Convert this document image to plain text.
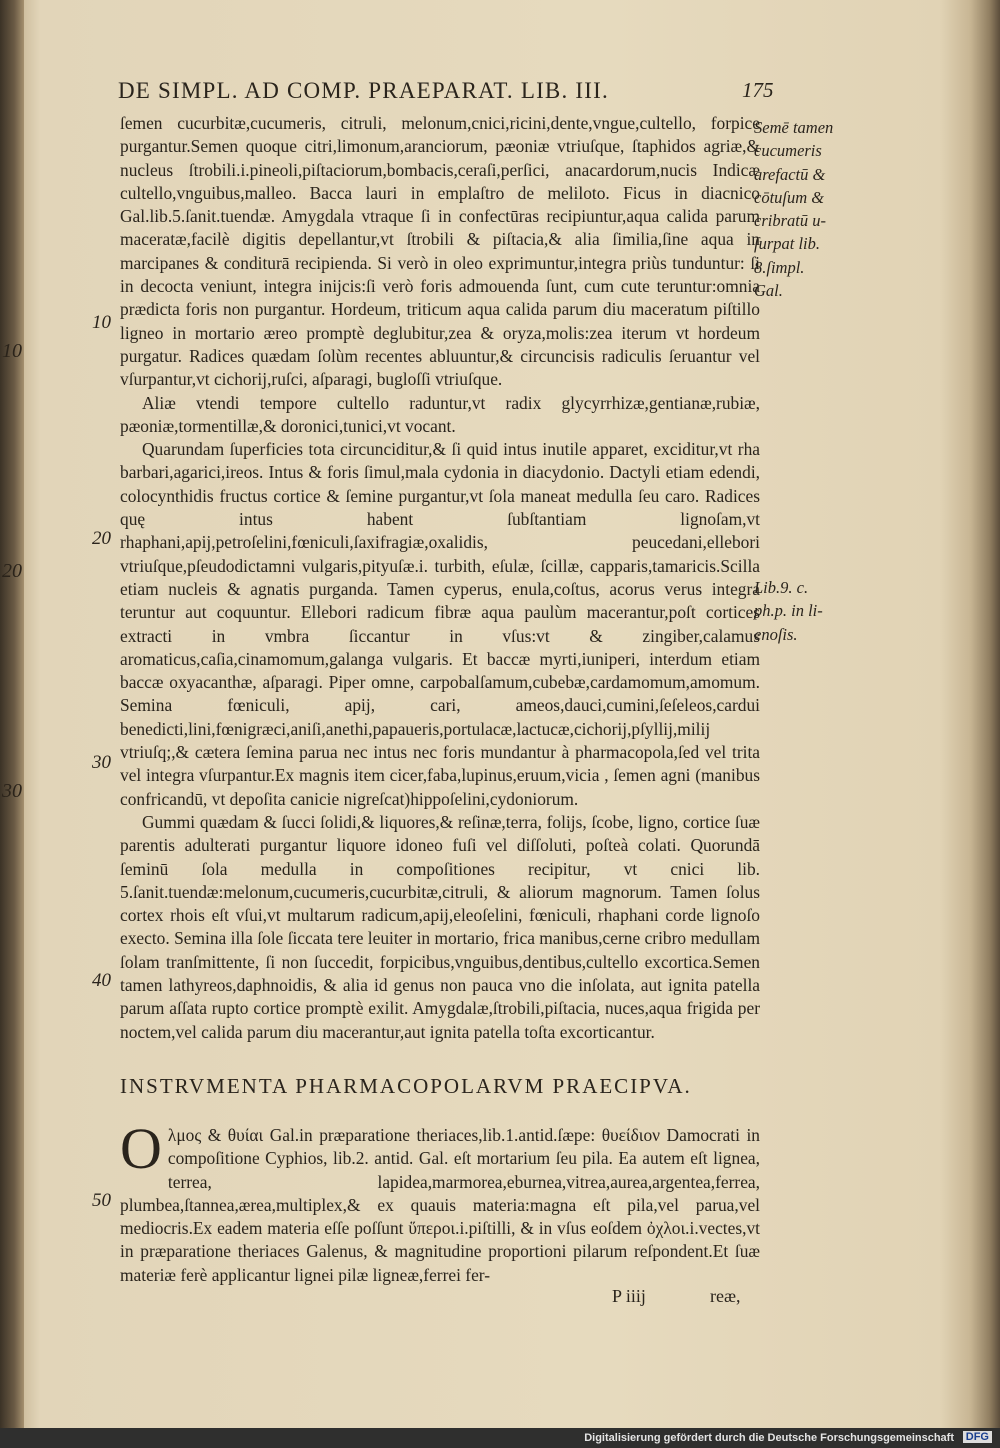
10
20
30
DE SIMPL. AD COMP. PRAEPARAT. LIB. III.	175

ſemen cucurbitæ,cucumeris, citruli, melonum,cnici,ricini,dente,vngue,cultello, forpice purgantur.Semen quoque citri,limonum,aranciorum, pæoniæ vtriuſque, ſtaphidos agriæ,& nucleus ſtrobili.i.pineoli,piſtaciorum,bombacis,ceraſi,perſici, anacardorum,nucis Indicæ cultello,vnguibus,malleo. Bacca lauri in emplaſtro de meliloto. Ficus in diacnico Gal.lib.5.ſanit.tuendæ. Amygdala vtraque ſi in confectūras recipiuntur,aqua calida parum maceratæ,facilè digitis depellantur,vt ſtrobili & piſtacia,& alia ſimilia,ſine aqua in marcipanes & conditurā recipienda. Si verò in oleo exprimuntur,integra priùs tunduntur: ſi in decocta veniunt, integra inijcis:ſi verò foris admouenda ſunt, cum cute teruntur:omnia prædicta foris non purgantur. Hordeum, triticum aqua calida parum diu maceratum piſtillo ligneo in mortario æreo promptè deglubitur,zea & oryza,molis:zea iterum vt hordeum purgatur. Radices quædam ſolùm recentes abluuntur,& circuncisis radiculis ſeruantur vel vſurpantur,vt cichorij,ruſci, aſparagi, bugloſſi vtriuſque.

Aliæ vtendi tempore cultello raduntur,vt radix glycyrrhizæ,gentianæ,rubiæ, pæoniæ,tormentillæ,& doronici,tunici,vt vocant.

Quarundam ſuperficies tota circunciditur,& ſi quid intus inutile apparet, exciditur,vt rha barbari,agarici,ireos. Intus & foris ſimul,mala cydonia in diacydonio. Dactyli etiam edendi, colocynthidis fructus cortice & ſemine purgantur,vt ſola maneat medulla ſeu caro. Radices quę intus habent ſubſtantiam lignoſam,vt rhaphani,apij,petroſelini,fœniculi,ſaxifragiæ,oxalidis, peucedani,ellebori vtriuſque,pſeudodictamni vulgaris,pityuſæ.i. turbith, eſulæ, ſcillæ, capparis,tamaricis.Scilla etiam nucleis & agnatis purganda. Tamen cyperus, enula,coſtus, acorus verus integra teruntur aut coquuntur. Ellebori radicum fibræ aqua paulùm macerantur,poſt cortices extracti in vmbra ſiccantur in vſus:vt & zingiber,calamus aromaticus,caſia,cinamomum,galanga vulgaris. Et baccæ myrti,iuniperi, interdum etiam baccæ oxyacanthæ, aſparagi. Piper omne, carpobalſamum,cubebæ,cardamomum,amomum. Semina fœniculi, apij, cari, ameos,dauci,cumini,ſeſeleos,cardui benedicti,lini,fœnigræci,aniſi,anethi,papaueris,portulacæ,lactucæ,cichorij,pſyllij,milij vtriuſq;,& cætera ſemina parua nec intus nec foris mundantur à pharmacopola,ſed vel trita vel integra vſurpantur.Ex magnis item cicer,faba,lupinus,eruum,vicia , ſemen agni (manibus confricandū, vt depoſita canicie nigreſcat)hippoſelini,cydoniorum.

Gummi quædam & ſucci ſolidi,& liquores,& reſinæ,terra, folijs, ſcobe, ligno, cortice ſuæ parentis adulterati purgantur liquore idoneo fuſi vel diſſoluti, poſteà colati. Quorundā ſeminū ſola medulla in compoſitiones recipitur, vt cnici lib. 5.ſanit.tuendæ:melonum,cucumeris,cucurbitæ,citruli, & aliorum magnorum. Tamen ſolus cortex rhois eſt vſui,vt multarum radicum,apij,eleoſelini, fœniculi, rhaphani corde lignoſo execto. Semina illa ſole ſiccata tere leuiter in mortario, frica manibus,cerne cribro medullam ſolam tranſmittente, ſi non ſuccedit, forpicibus,vnguibus,dentibus,cultello excortica.Semen tamen lathyreos,daphnoidis, & alia id genus non pauca vno die inſolata, aut ignita patella parum aſſata rupto cortice promptè exilit. Amygdalæ,ſtrobili,piſtacia, nuces,aqua frigida per noctem,vel calida parum diu macerantur,aut ignita patella toſta excorticantur.

INSTRVMENTA PHARMACOPOLARVM PRAECIPVA.

O λμος & θυίαι Gal.in præparatione theriaces,lib.1.antid.ſæpe: θυείδιον Damocrati in compoſitione Cyphios, lib.2. antid. Gal. eſt mortarium ſeu pila. Ea autem eſt lignea, terrea, lapidea,marmorea,eburnea,vitrea,aurea,argentea,ferrea, plumbea,ſtannea,ærea,multiplex,& ex quauis materia:magna eſt pila,vel parua,vel mediocris.Ex eadem materia eſſe poſſunt ὕπεροι.i.piſtilli, & in vſus eoſdem ὀχλοι.i.vectes,vt in præparatione theriaces Galenus, & magnitudine proportioni pilarum reſpondent.Et ſuæ materiæ ferè applicantur lignei pilæ ligneæ,ferrei fer-

10
20
30
40
50
Semē tamen
cucumeris
arefactū &
cōtuſum &
cribratū u-
ſurpat lib.
8.ſimpl.
Gal.
Lib.9. c.
ph.p. in li-
enoſis.
P iiij	reæ,
Digitalisierung gefördert durch die Deutsche Forschungsgemeinschaft DFG
